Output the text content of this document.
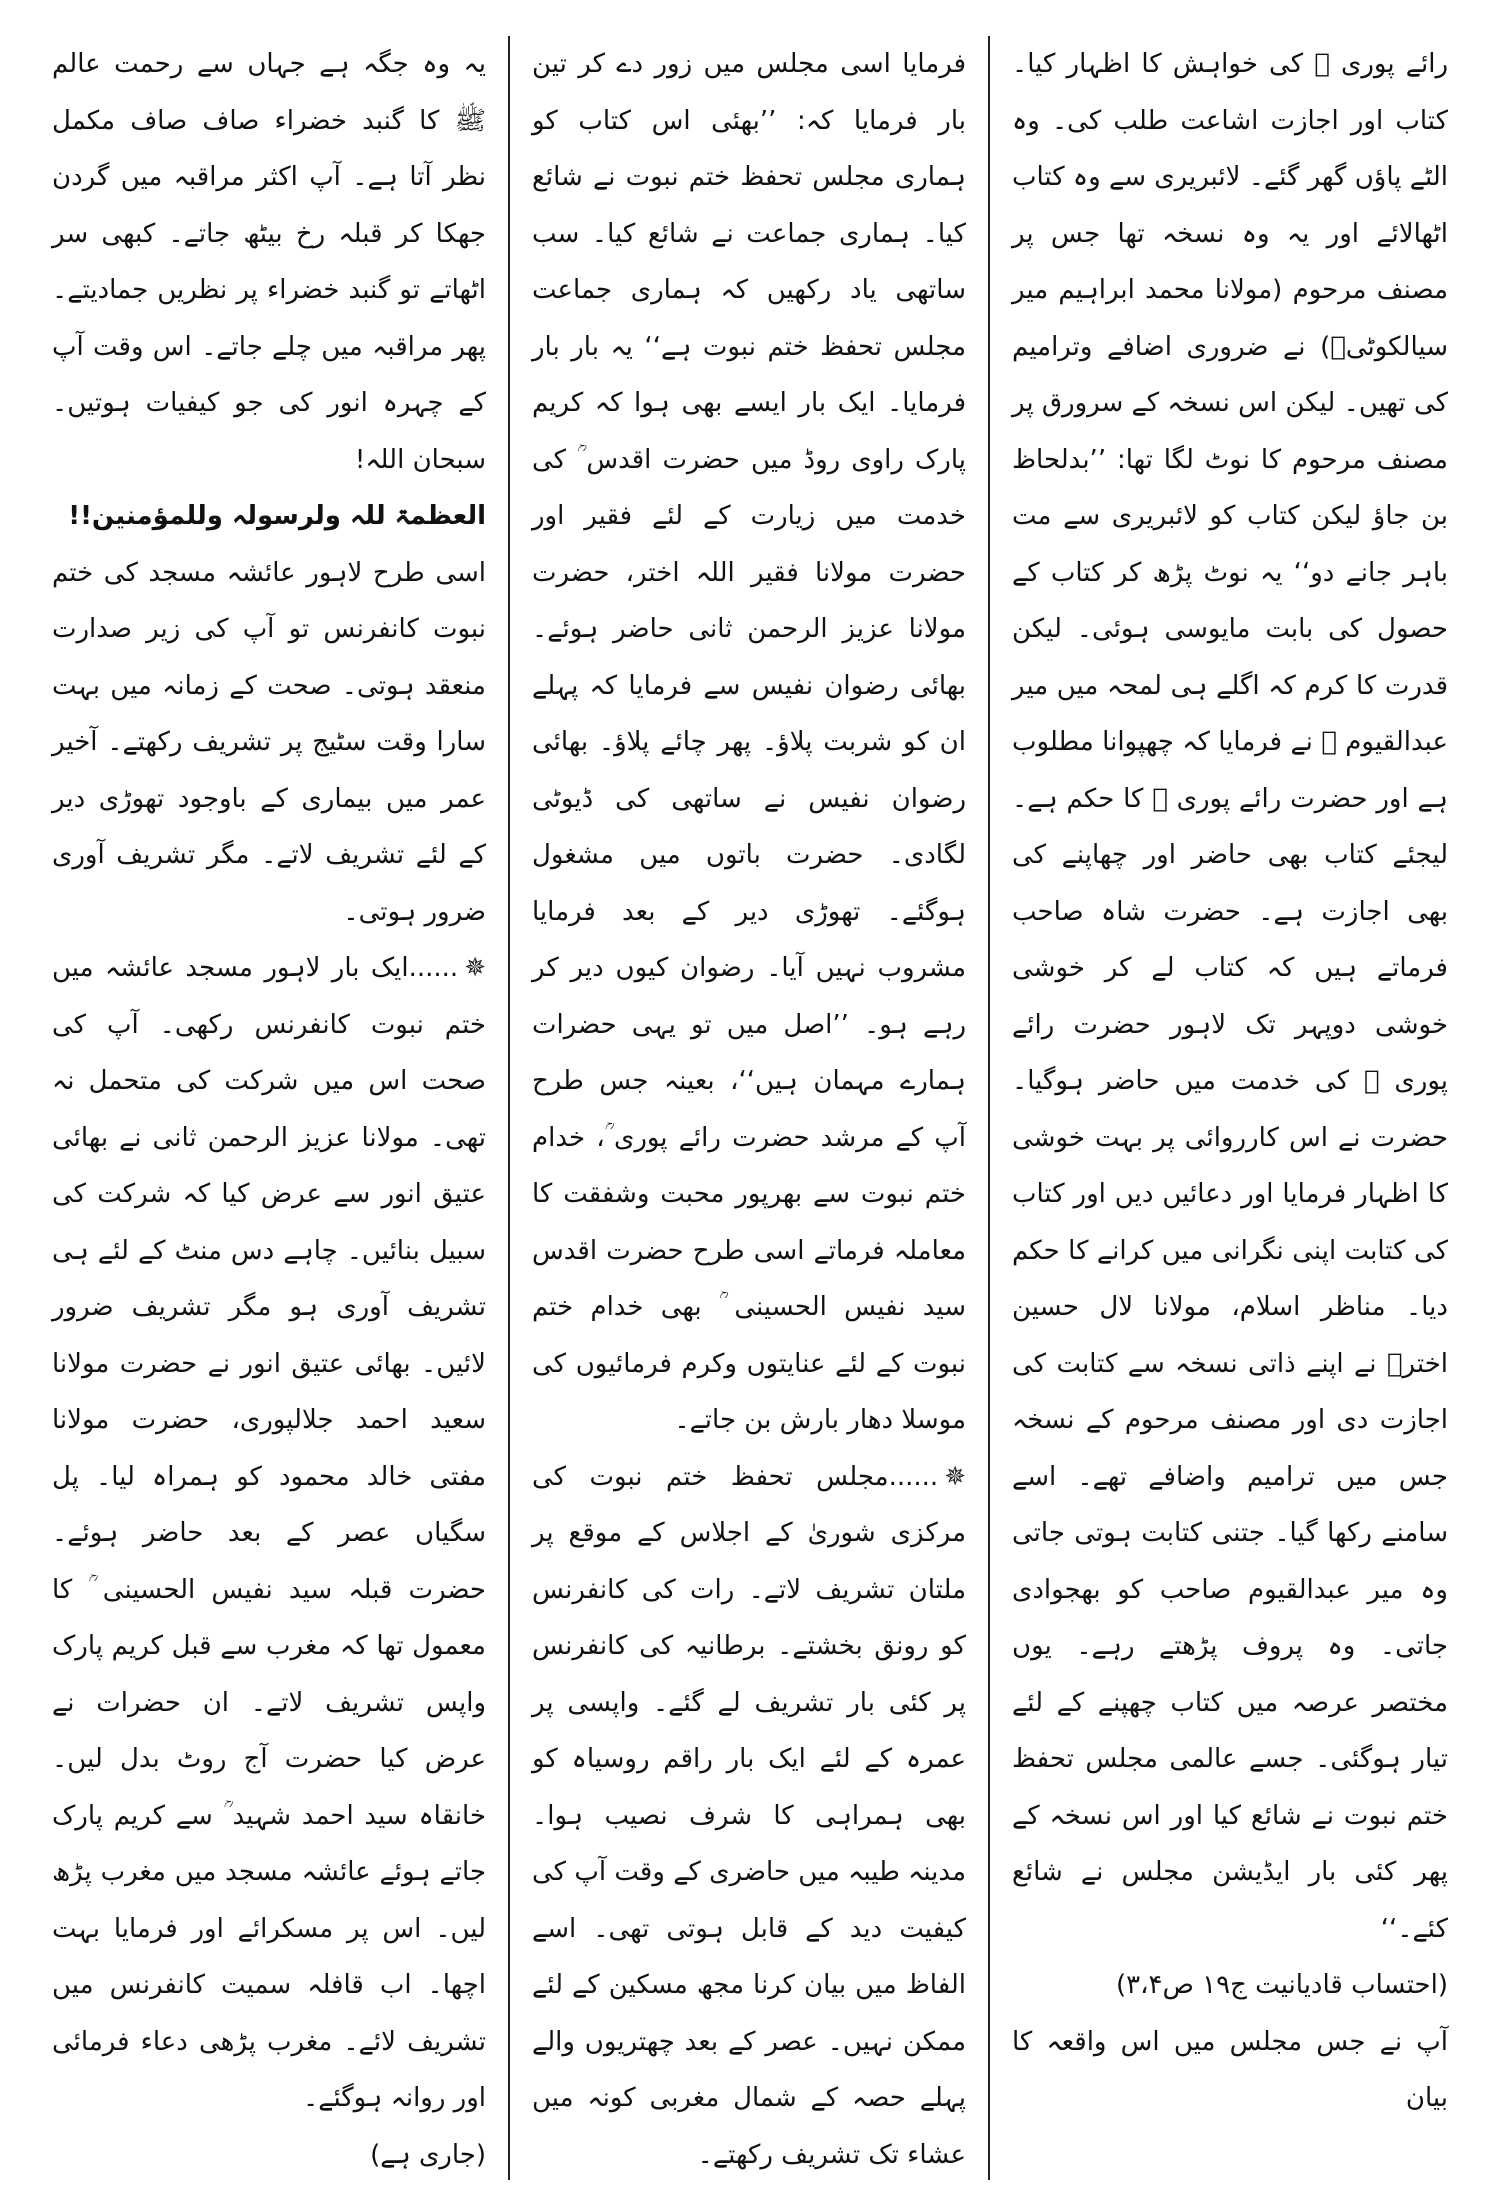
رائے پوری ؒ کی خواہش کا اظہار کیا۔ کتاب اور اجازت اشاعت طلب کی۔ وہ الٹے پاؤں گھر گئے۔ لائبریری سے وہ کتاب اٹھالائے اور یہ وہ نسخہ تھا جس پر مصنف مرحوم (مولانا محمد ابراہیم میر سیالکوٹیؒ) نے ضروری اضافے وترامیم کی تھیں۔ لیکن اس نسخہ کے سرورق پر مصنف مرحوم کا نوٹ لگا تھا: ’’بدلحاظ بن جاؤ لیکن کتاب کو لائبریری سے مت باہر جانے دو‘‘ یہ نوٹ پڑھ کر کتاب کے حصول کی بابت مایوسی ہوئی۔ لیکن قدرت کا کرم کہ اگلے ہی لمحہ میں میر عبدالقیوم ؒ نے فرمایا کہ چھپوانا مطلوب ہے اور حضرت رائے پوری ؒ کا حکم ہے۔ لیجئے کتاب بھی حاضر اور چھاپنے کی بھی اجازت ہے۔ حضرت شاہ صاحب فرماتے ہیں کہ کتاب لے کر خوشی خوشی دوپہر تک لاہور حضرت رائے پوری ؒ کی خدمت میں حاضر ہوگیا۔ حضرت نے اس کارروائی پر بہت خوشی کا اظہار فرمایا اور دعائیں دیں اور کتاب کی کتابت اپنی نگرانی میں کرانے کا حکم دیا۔ مناظر اسلام، مولانا لال حسین اخترؒ نے اپنے ذاتی نسخہ سے کتابت کی اجازت دی اور مصنف مرحوم کے نسخہ جس میں ترامیم واضافے تھے۔ اسے سامنے رکھا گیا۔ جتنی کتابت ہوتی جاتی وہ میر عبدالقیوم صاحب کو بھجوادی جاتی۔ وہ پروف پڑھتے رہے۔ یوں مختصر عرصہ میں کتاب چھپنے کے لئے تیار ہوگئی۔ جسے عالمی مجلس تحفظ ختم نبوت نے شائع کیا اور اس نسخہ کے پھر کئی بار ایڈیشن مجلس نے شائع کئے۔‘‘

(احتساب قادیانیت ج۱۹ ص۳،۴)

آپ نے جس مجلس میں اس واقعہ کا بیان

فرمایا اسی مجلس میں زور دے کر تین بار فرمایا کہ: ’’بھئی اس کتاب کو ہماری مجلس تحفظ ختم نبوت نے شائع کیا۔ ہماری جماعت نے شائع کیا۔ سب ساتھی یاد رکھیں کہ ہماری جماعت مجلس تحفظ ختم نبوت ہے‘‘ یہ بار بار فرمایا۔ ایک بار ایسے بھی ہوا کہ کریم پارک راوی روڈ میں حضرت اقدس ؒ کی خدمت میں زیارت کے لئے فقیر اور حضرت مولانا فقیر اللہ اختر، حضرت مولانا عزیز الرحمن ثانی حاضر ہوئے۔ بھائی رضوان نفیس سے فرمایا کہ پہلے ان کو شربت پلاؤ۔ پھر چائے پلاؤ۔ بھائی رضوان نفیس نے ساتھی کی ڈیوٹی لگادی۔ حضرت باتوں میں مشغول ہوگئے۔ تھوڑی دیر کے بعد فرمایا مشروب نہیں آیا۔ رضوان کیوں دیر کر رہے ہو۔ ’’اصل میں تو یہی حضرات ہمارے مہمان ہیں‘‘، بعینہ جس طرح آپ کے مرشد حضرت رائے پوری ؒ، خدام ختم نبوت سے بھرپور محبت وشفقت کا معاملہ فرماتے اسی طرح حضرت اقدس سید نفیس الحسینی ؒ بھی خدام ختم نبوت کے لئے عنایتوں وکرم فرمائیوں کی موسلا دھار بارش بن جاتے۔

✵......مجلس تحفظ ختم نبوت کی مرکزی شوریٰ کے اجلاس کے موقع پر ملتان تشریف لاتے۔ رات کی کانفرنس کو رونق بخشتے۔ برطانیہ کی کانفرنس پر کئی بار تشریف لے گئے۔ واپسی پر عمرہ کے لئے ایک بار راقم روسیاہ کو بھی ہمراہی کا شرف نصیب ہوا۔ مدینہ طیبہ میں حاضری کے وقت آپ کی کیفیت دید کے قابل ہوتی تھی۔ اسے الفاظ میں بیان کرنا مجھ مسکین کے لئے ممکن نہیں۔ عصر کے بعد چھتریوں والے پہلے حصہ کے شمال مغربی کونہ میں عشاء تک تشریف رکھتے۔

یہ وہ جگہ ہے جہاں سے رحمت عالم ﷺ کا گنبد خضراء صاف صاف مکمل نظر آتا ہے۔ آپ اکثر مراقبہ میں گردن جھکا کر قبلہ رخ بیٹھ جاتے۔ کبھی سر اٹھاتے تو گنبد خضراء پر نظریں جمادیتے۔ پھر مراقبہ میں چلے جاتے۔ اس وقت آپ کے چہرہ انور کی جو کیفیات ہوتیں۔ سبحان اللہ!

العظمۃ للہ ولرسولہ وللمؤمنین!!

اسی طرح لاہور عائشہ مسجد کی ختم نبوت کانفرنس تو آپ کی زیر صدارت منعقد ہوتی۔ صحت کے زمانہ میں بہت سارا وقت سٹیج پر تشریف رکھتے۔ آخیر عمر میں بیماری کے باوجود تھوڑی دیر کے لئے تشریف لاتے۔ مگر تشریف آوری ضرور ہوتی۔

✵......ایک بار لاہور مسجد عائشہ میں ختم نبوت کانفرنس رکھی۔ آپ کی صحت اس میں شرکت کی متحمل نہ تھی۔ مولانا عزیز الرحمن ثانی نے بھائی عتیق انور سے عرض کیا کہ شرکت کی سبیل بنائیں۔ چاہے دس منٹ کے لئے ہی تشریف آوری ہو مگر تشریف ضرور لائیں۔ بھائی عتیق انور نے حضرت مولانا سعید احمد جلالپوری، حضرت مولانا مفتی خالد محمود کو ہمراہ لیا۔ پل سگیاں عصر کے بعد حاضر ہوئے۔ حضرت قبلہ سید نفیس الحسینی ؒ کا معمول تھا کہ مغرب سے قبل کریم پارک واپس تشریف لاتے۔ ان حضرات نے عرض کیا حضرت آج روٹ بدل لیں۔ خانقاہ سید احمد شہید ؒ سے کریم پارک جاتے ہوئے عائشہ مسجد میں مغرب پڑھ لیں۔ اس پر مسکرائے اور فرمایا بہت اچھا۔ اب قافلہ سمیت کانفرنس میں تشریف لائے۔ مغرب پڑھی دعاء فرمائی اور روانہ ہوگئے۔

(جاری ہے)
